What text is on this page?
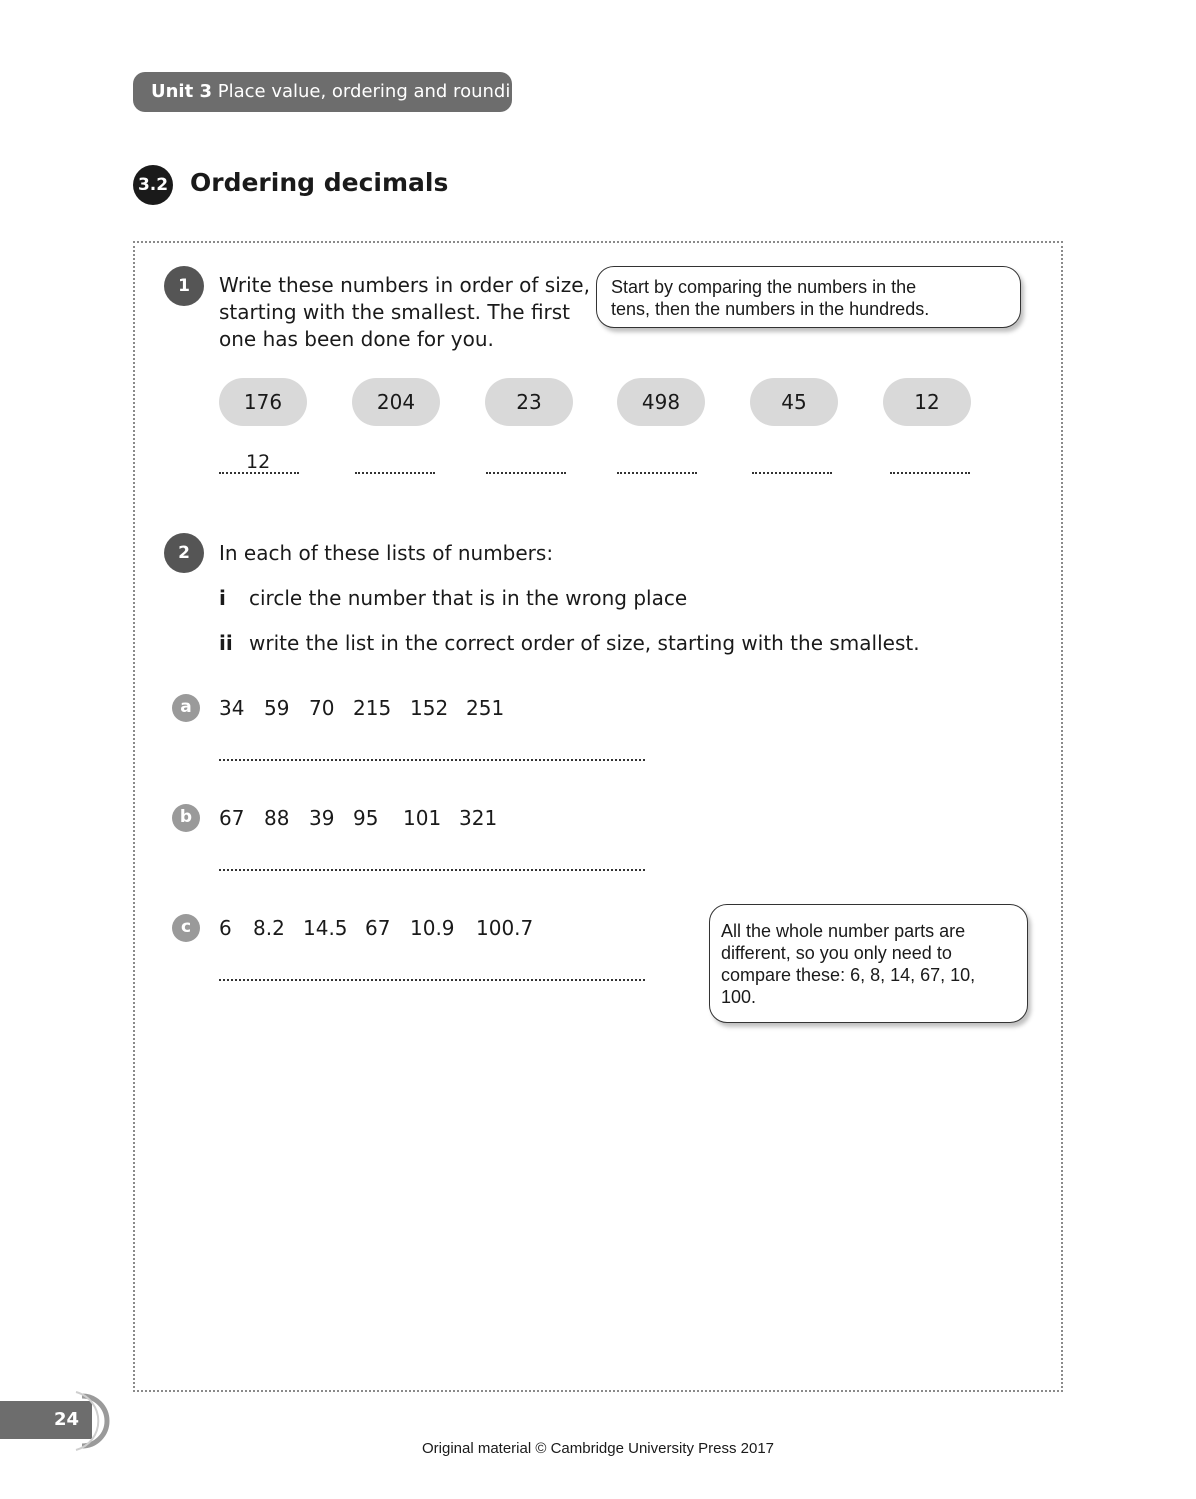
Unit 3 Place value, ordering and rounding
3.2 Ordering decimals
1	Write these numbers in order of size,
starting with the smallest. The first
one has been done for you.
Start by comparing the numbers in the
tens, then the numbers in the hundreds.
176	204	23	498	45	12
12
2	In each of these lists of numbers:
i circle the number that is in the wrong place
ii write the list in the correct order of size, starting with the smallest.
a	34 59 70 215 152 251
b	67 88 39 95 101 321
c	6 8.2 14.5 67 10.9 100.7	All the whole number parts are
different, so you only need to
compare these: 6, 8, 14, 67, 10,
100.
24
Original material © Cambridge University Press 2017
